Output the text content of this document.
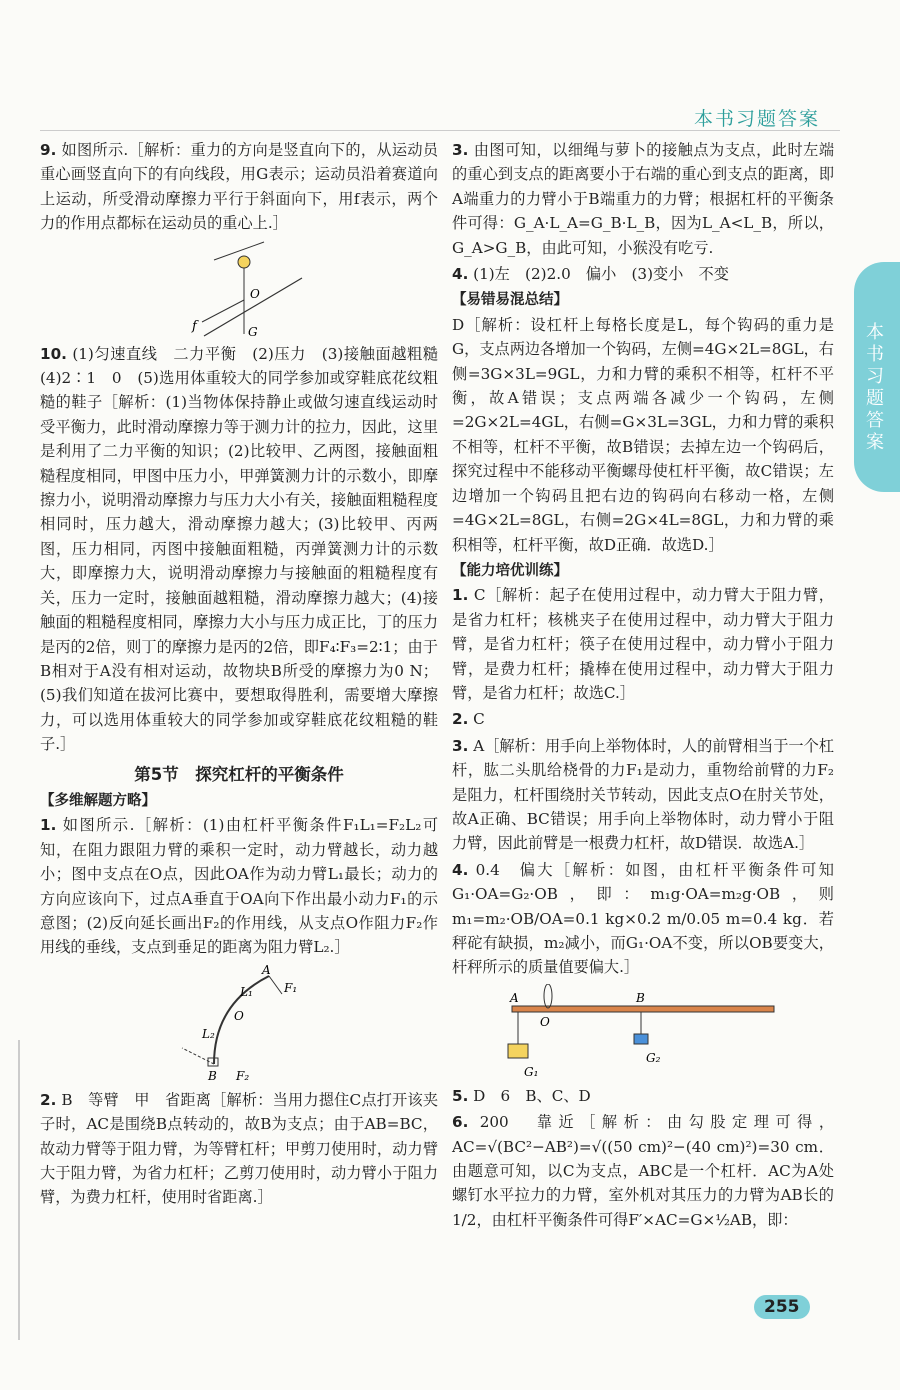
本书习题答案
本书习题答案

9. 如图所示.［解析：重力的方向是竖直向下的，从运动员重心画竖直向下的有向线段，用G表示；运动员沿着赛道向上运动，所受滑动摩擦力平行于斜面向下，用f表示，两个力的作用点都标在运动员的重心上.］

f
O
G

10. (1)匀速直线　二力平衡　(2)压力　(3)接触面越粗糙　(4)2∶1　0　(5)选用体重较大的同学参加或穿鞋底花纹粗糙的鞋子［解析：(1)当物体保持静止或做匀速直线运动时受平衡力，此时滑动摩擦力等于测力计的拉力，因此，这里是利用了二力平衡的知识；(2)比较甲、乙两图，接触面粗糙程度相同，甲图中压力小，甲弹簧测力计的示数小，即摩擦力小，说明滑动摩擦力与压力大小有关，接触面粗糙程度相同时，压力越大，滑动摩擦力越大；(3)比较甲、丙两图，压力相同，丙图中接触面粗糙，丙弹簧测力计的示数大，即摩擦力大，说明滑动摩擦力与接触面的粗糙程度有关，压力一定时，接触面越粗糙，滑动摩擦力越大；(4)接触面的粗糙程度相同，摩擦力大小与压力成正比，丁的压力是丙的2倍，则丁的摩擦力是丙的2倍，即F₄∶F₃=2∶1；由于B相对于A没有相对运动，故物块B所受的摩擦力为0 N；(5)我们知道在拔河比赛中，要想取得胜利，需要增大摩擦力，可以选用体重较大的同学参加或穿鞋底花纹粗糙的鞋子.］

第5节　探究杠杆的平衡条件
【多维解题方略】

1. 如图所示.［解析：(1)由杠杆平衡条件F₁L₁=F₂L₂可知，在阻力跟阻力臂的乘积一定时，动力臂越长，动力越小；图中支点在O点，因此OA作为动力臂L₁最长；动力的方向应该向下，过点A垂直于OA向下作出最小动力F₁的示意图；(2)反向延长画出F₂的作用线，从支点O作阻力F₂作用线的垂线，支点到垂足的距离为阻力臂L₂.］

A
L₁	F₁
O
L₂
B F₂

2. B　等臂　甲　省距离［解析：当用力摁住C点打开该夹子时，AC是围绕B点转动的，故B为支点；由于AB=BC，故动力臂等于阻力臂，为等臂杠杆；甲剪刀使用时，动力臂大于阻力臂，为省力杠杆；乙剪刀使用时，动力臂小于阻力臂，为费力杠杆，使用时省距离.］

3. 由图可知，以细绳与萝卜的接触点为支点，此时左端的重心到支点的距离要小于右端的重心到支点的距离，即A端重力的力臂小于B端重力的力臂；根据杠杆的平衡条件可得：G_A·L_A=G_B·L_B，因为L_A<L_B，所以，G_A>G_B，由此可知，小猴没有吃亏.

4. (1)左　(2)2.0　偏小　(3)变小　不变

【易错易混总结】

D［解析：设杠杆上每格长度是L，每个钩码的重力是G，支点两边各增加一个钩码，左侧=4G×2L=8GL，右侧=3G×3L=9GL，力和力臂的乘积不相等，杠杆不平衡，故A错误；支点两端各减少一个钩码，左侧=2G×2L=4GL，右侧=G×3L=3GL，力和力臂的乘积不相等，杠杆不平衡，故B错误；去掉左边一个钩码后，探究过程中不能移动平衡螺母使杠杆平衡，故C错误；左边增加一个钩码且把右边的钩码向右移动一格，左侧=4G×2L=8GL，右侧=2G×4L=8GL，力和力臂的乘积相等，杠杆平衡，故D正确．故选D.］

【能力培优训练】

1. C［解析：起子在使用过程中，动力臂大于阻力臂，是省力杠杆；核桃夹子在使用过程中，动力臂大于阻力臂，是省力杠杆；筷子在使用过程中，动力臂小于阻力臂，是费力杠杆；撬棒在使用过程中，动力臂大于阻力臂，是省力杠杆；故选C.］

2. C

3. A［解析：用手向上举物体时，人的前臂相当于一个杠杆，肱二头肌给桡骨的力F₁是动力，重物给前臂的力F₂是阻力，杠杆围绕肘关节转动，因此支点O在肘关节处，故A正确、BC错误；用手向上举物体时，动力臂小于阻力臂，因此前臂是一根费力杠杆，故D错误．故选A.］

4. 0.4　偏大［解析：如图，由杠杆平衡条件可知G₁·OA=G₂·OB，即：m₁g·OA=m₂g·OB，则m₁=m₂·OB/OA=0.1 kg×0.2 m/0.05 m=0.4 kg．若秤砣有缺损，m₂减小，而G₁·OA不变，所以OB要变大，杆秤所示的质量值要偏大.］

A
O
B
G₁
G₂

5. D　6　B、C、D

6. 200　靠近［解析：由勾股定理可得，AC=√(BC²−AB²)=√((50 cm)²−(40 cm)²)=30 cm．由题意可知，以C为支点，ABC是一个杠杆．AC为A处螺钉水平拉力的力臂，室外机对其压力的力臂为AB长的1/2，由杠杆平衡条件可得F′×AC=G×½AB，即：

255
